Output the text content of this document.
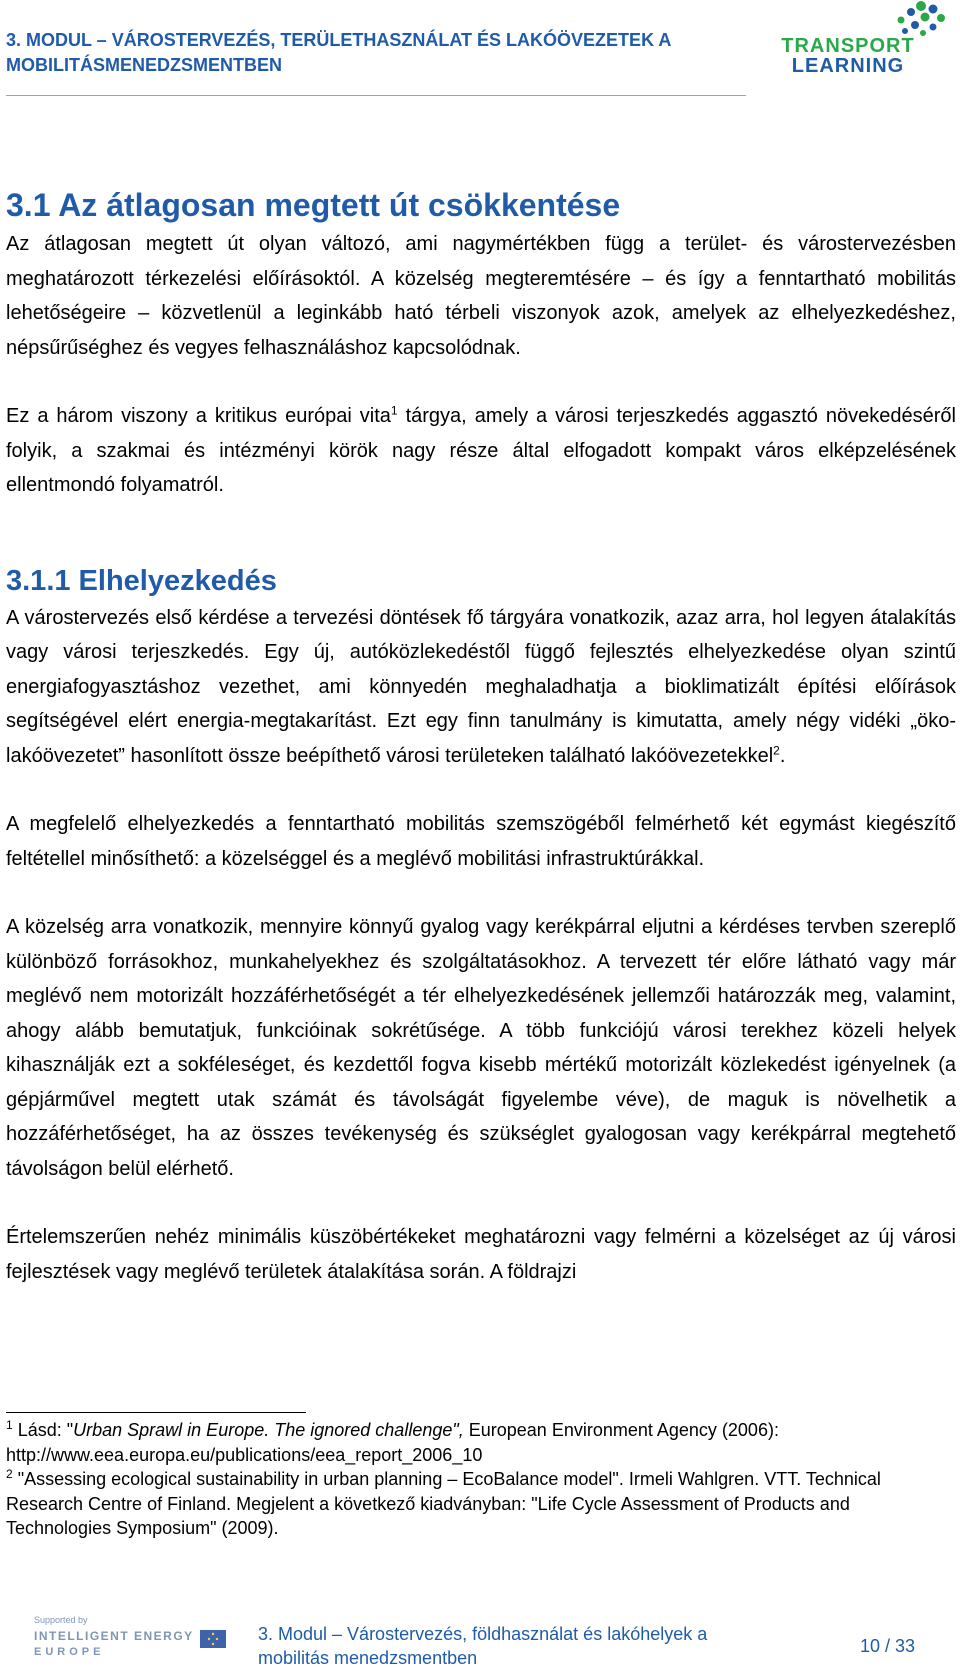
3. MODUL – VÁROSTERVEZÉS, TERÜLETHASZNÁLAT ÉS LAKÓÖVEZETEK A
MOBILITÁSMENEDZSMENTBEN
TRANSPORT
LEARNING
3.1 Az átlagosan megtett út csökkentése

Az átlagosan megtett út olyan változó, ami nagymértékben függ a terület- és várostervezésben meghatározott térkezelési előírásoktól. A közelség megteremtésére – és így a fenntartható mobilitás lehetőségeire – közvetlenül a leginkább ható térbeli viszonyok azok, amelyek az elhelyezkedéshez, népsűrűséghez és vegyes felhasználáshoz kapcsolódnak.

Ez a három viszony a kritikus európai vita$^1$ tárgya, amely a városi terjeszkedés aggasztó növekedéséről folyik, a szakmai és intézményi körök nagy része által elfogadott kompakt város elképzelésének ellentmondó folyamatról.

3.1.1 Elhelyezkedés

A várostervezés első kérdése a tervezési döntések fő tárgyára vonatkozik, azaz arra, hol legyen átalakítás vagy városi terjeszkedés. Egy új, autóközlekedéstől függő fejlesztés elhelyezkedése olyan szintű energiafogyasztáshoz vezethet, ami könnyedén meghaladhatja a bioklimatizált építési előírások segítségével elért energia-megtakarítást. Ezt egy finn tanulmány is kimutatta, amely négy vidéki „öko-lakóövezetet” hasonlított össze beépíthető városi területeken található lakóövezetekkel$^2$.

A megfelelő elhelyezkedés a fenntartható mobilitás szemszögéből felmérhető két egymást kiegészítő feltétellel minősíthető: a közelséggel és a meglévő mobilitási infrastruktúrákkal.

A közelség arra vonatkozik, mennyire könnyű gyalog vagy kerékpárral eljutni a kérdéses tervben szereplő különböző forrásokhoz, munkahelyekhez és szolgáltatásokhoz. A tervezett tér előre látható vagy már meglévő nem motorizált hozzáférhetőségét a tér elhelyezkedésének jellemzői határozzák meg, valamint, ahogy alább bemutatjuk, funkcióinak sokrétűsége. A több funkciójú városi terekhez közeli helyek kihasználják ezt a sokféleséget, és kezdettől fogva kisebb mértékű motorizált közlekedést igényelnek (a gépjárművel megtett utak számát és távolságát figyelembe véve), de maguk is növelhetik a hozzáférhetőséget, ha az összes tevékenység és szükséglet gyalogosan vagy kerékpárral megtehető távolságon belül elérhető.

Értelemszerűen nehéz minimális küszöbértékeket meghatározni vagy felmérni a közelséget az új városi fejlesztések vagy meglévő területek átalakítása során. A földrajzi

$^1$ Lásd: "Urban Sprawl in Europe. The ignored challenge", European Environment Agency (2006):
http://www.eea.europa.eu/publications/eea_report_2006_10
$^2$ "Assessing ecological sustainability in urban planning – EcoBalance model". Irmeli Wahlgren. VTT. Technical Research Centre of Finland. Megjelent a következő kiadványban: "Life Cycle Assessment of Products and Technologies Symposium" (2009).
Supported by
INTELLIGENT ENERGY
EUROPE
3. Modul – Várostervezés, földhasználat és lakóhelyek a
mobilitás menedzsmentben
10 / 33
